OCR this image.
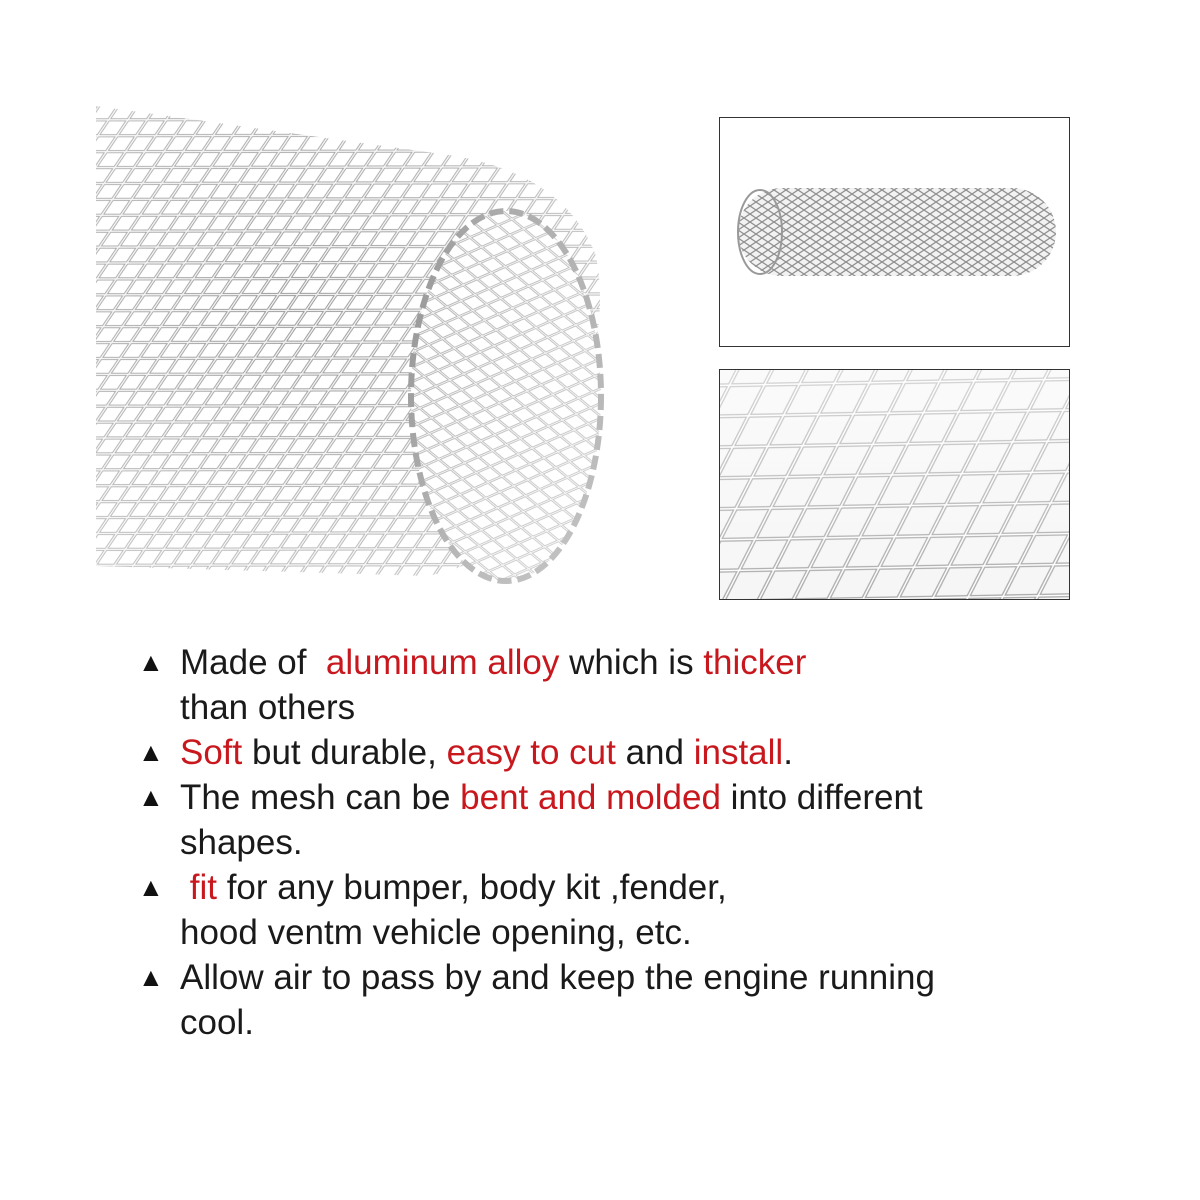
▲ Made of  aluminum alloy which is thicker
than others
▲ Soft but durable, easy to cut and install.
▲ The mesh can be bent and molded into different
shapes.
▲ fit for any bumper, body kit ,fender,
hood ventm vehicle opening, etc.
▲ Allow air to pass by and keep the engine running
cool.
